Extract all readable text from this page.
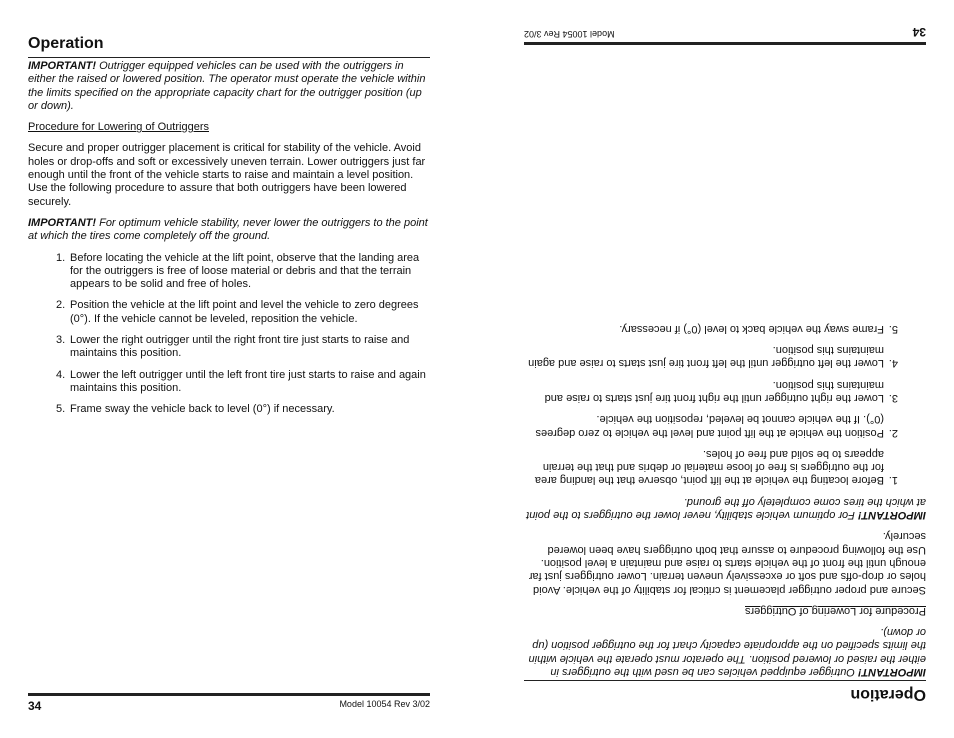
Operation

IMPORTANT! Outrigger equipped vehicles can be used with the outriggers in either the raised or lowered position. The operator must operate the vehicle within the limits specified on the appropriate capacity chart for the outrigger position (up or down).

Procedure for Lowering of Outriggers

Secure and proper outrigger placement is critical for stability of the vehicle. Avoid holes or drop-offs and soft or excessively uneven terrain. Lower outriggers just far enough until the front of the vehicle starts to raise and maintain a level position. Use the following procedure to assure that both outriggers have been lowered securely.

IMPORTANT! For optimum vehicle stability, never lower the outriggers to the point at which the tires come completely off the ground.

1. Before locating the vehicle at the lift point, observe that the landing area for the outriggers is free of loose material or debris and that the terrain appears to be solid and free of holes.
2. Position the vehicle at the lift point and level the vehicle to zero degrees (0°). If the vehicle cannot be leveled, reposition the vehicle.
3. Lower the right outrigger until the right front tire just starts to raise and maintains this position.
4. Lower the left outrigger until the left front tire just starts to raise and again maintains this position.
5. Frame sway the vehicle back to level (0°) if necessary.
34	Model 10054 Rev 3/02
Operation

IMPORTANT! Outrigger equipped vehicles can be used with the outriggers in either the raised or lowered position. The operator must operate the vehicle within the limits specified on the appropriate capacity chart for the outrigger position (up or down).

Procedure for Lowering of Outriggers

Secure and proper outrigger placement is critical for stability of the vehicle. Avoid holes or drop-offs and soft or excessively uneven terrain. Lower outriggers just far enough until the front of the vehicle starts to raise and maintain a level position. Use the following procedure to assure that both outriggers have been lowered securely.

IMPORTANT! For optimum vehicle stability, never lower the outriggers to the point at which the tires come completely off the ground.

1.
Before locating the vehicle at the lift point, observe that the landing area for the outriggers is free of loose material or debris and that the terrain appears to be solid and free of holes.
2.
Position the vehicle at the lift point and level the vehicle to zero degrees (0°). If the vehicle cannot be leveled, reposition the vehicle.
3.
Lower the right outrigger until the right front tire just starts to raise and maintains this position.
4.
Lower the left outrigger until the left front tire just starts to raise and again maintains this position.
5.
Frame sway the vehicle back to level (0°) if necessary.
34
Model 10054 Rev 3/02
